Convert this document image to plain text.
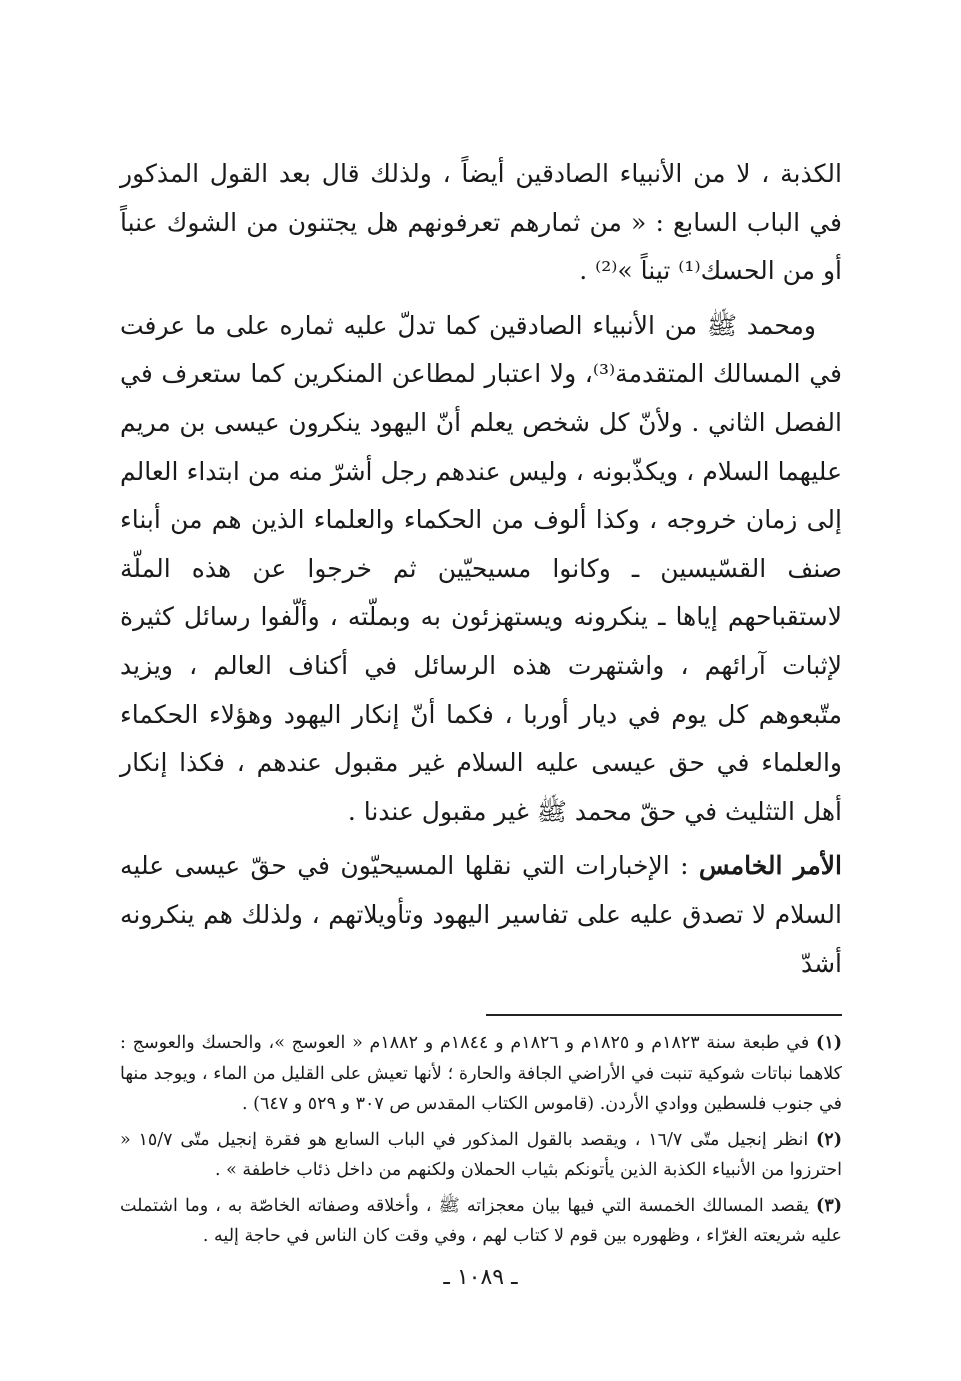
الكذبة ، لا من الأنبياء الصادقين أيضاً ، ولذلك قال بعد القول المذكور في الباب السابع : « من ثمارهم تعرفونهم هل يجتنون من الشوك عنباً أو من الحسك⁽¹⁾ تيناً »⁽²⁾ .

ومحمد ﷺ من الأنبياء الصادقين كما تدلّ عليه ثماره على ما عرفت في المسالك المتقدمة⁽³⁾، ولا اعتبار لمطاعن المنكرين كما ستعرف في الفصل الثاني . ولأنّ كل شخص يعلم أنّ اليهود ينكرون عيسى بن مريم عليهما السلام ، ويكذّبونه ، وليس عندهم رجل أشرّ منه من ابتداء العالم إلى زمان خروجه ، وكذا ألوف من الحكماء والعلماء الذين هم من أبناء صنف القسّيسين ـ وكانوا مسيحيّين ثم خرجوا عن هذه الملّة لاستقباحهم إياها ـ ينكرونه ويستهزئون به وبملّته ، وألّفوا رسائل كثيرة لإثبات آرائهم ، واشتهرت هذه الرسائل في أكناف العالم ، ويزيد متّبعوهم كل يوم في ديار أوربا ، فكما أنّ إنكار اليهود وهؤلاء الحكماء والعلماء في حق عيسى عليه السلام غير مقبول عندهم ، فكذا إنكار أهل التثليث في حقّ محمد ﷺ غير مقبول عندنا .

الأمر الخامس : الإخبارات التي نقلها المسيحيّون في حقّ عيسى عليه السلام لا تصدق عليه على تفاسير اليهود وتأويلاتهم ، ولذلك هم ينكرونه أشدّ

(١) في طبعة سنة ١٨٢٣م و ١٨٢٥م و ١٨٢٦م و ١٨٤٤م و ١٨٨٢م « العوسج »، والحسك والعوسج : كلاهما نباتات شوكية تنبت في الأراضي الجافة والحارة ؛ لأنها تعيش على القليل من الماء ، ويوجد منها في جنوب فلسطين ووادي الأردن. (قاموس الكتاب المقدس ص ٣٠٧ و ٥٢٩ و ٦٤٧) .

(٢) انظر إنجيل متّى ١٦/٧ ، ويقصد بالقول المذكور في الباب السابع هو فقرة إنجيل متّى ١٥/٧ « احترزوا من الأنبياء الكذبة الذين يأتونكم بثياب الحملان ولكنهم من داخل ذئاب خاطفة » .

(٣) يقصد المسالك الخمسة التي فيها بيان معجزاته ﷺ ، وأخلاقه وصفاته الخاصّة به ، وما اشتملت عليه شريعته الغرّاء ، وظهوره بين قوم لا كتاب لهم ، وفي وقت كان الناس في حاجة إليه .

ـ ١٠٨٩ ـ
